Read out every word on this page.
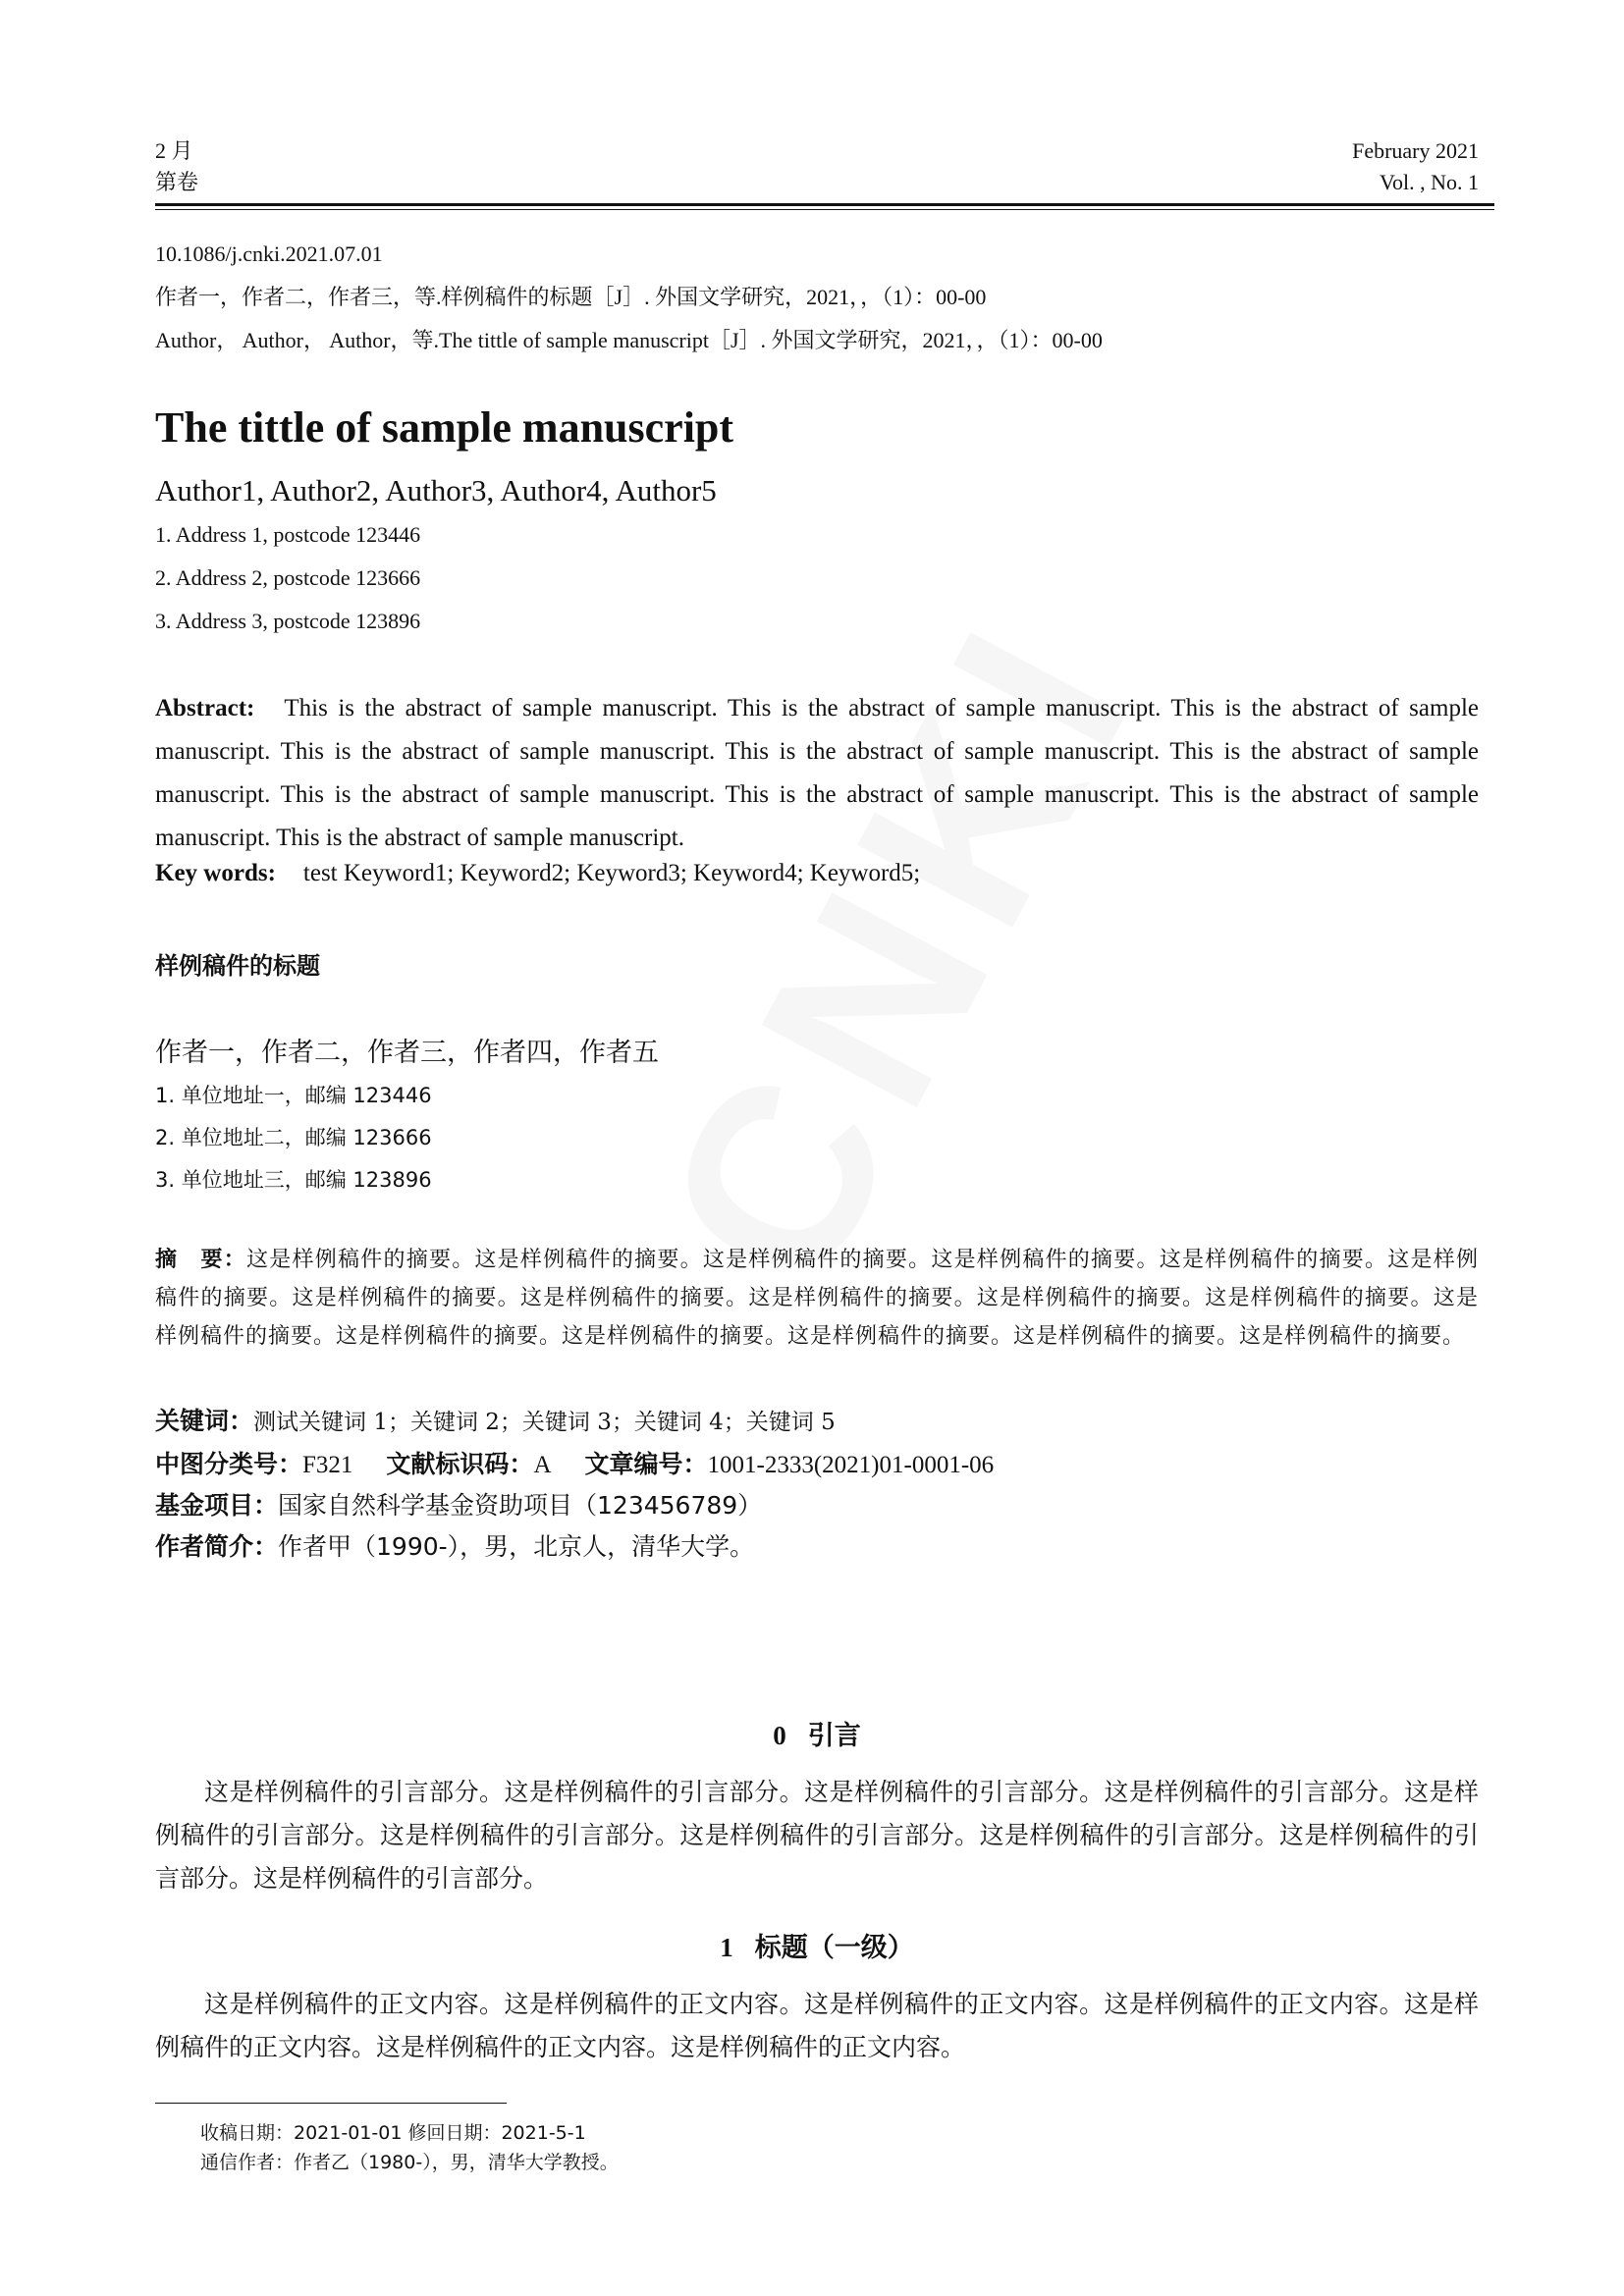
2 月
第卷
February 2021
Vol. , No. 1
10.1086/j.cnki.2021.07.01
作者一，作者二，作者三，等.样例稿件的标题［J］. 外国文学研究，2021，，（1）：00-00
Author， Author， Author，等.The tittle of sample manuscript［J］. 外国文学研究，2021，，（1）：00-00
The tittle of sample manuscript
Author1, Author2, Author3, Author4, Author5
1. Address 1, postcode 123446
2. Address 2, postcode 123666
3. Address 3, postcode 123896
Abstract: This is the abstract of sample manuscript. This is the abstract of sample manuscript. This is the abstract of sample manuscript. This is the abstract of sample manuscript. This is the abstract of sample manuscript. This is the abstract of sample manuscript. This is the abstract of sample manuscript. This is the abstract of sample manuscript. This is the abstract of sample manuscript. This is the abstract of sample manuscript.
Key words: test Keyword1; Keyword2; Keyword3; Keyword4; Keyword5;
样例稿件的标题
作者一，作者二，作者三，作者四，作者五
1. 单位地址一，邮编 123446
2. 单位地址二，邮编 123666
3. 单位地址三，邮编 123896
摘　要：这是样例稿件的摘要。这是样例稿件的摘要。这是样例稿件的摘要。这是样例稿件的摘要。这是样例稿件的摘要。这是样例稿件的摘要。这是样例稿件的摘要。这是样例稿件的摘要。这是样例稿件的摘要。这是样例稿件的摘要。这是样例稿件的摘要。这是样例稿件的摘要。这是样例稿件的摘要。这是样例稿件的摘要。这是样例稿件的摘要。这是样例稿件的摘要。这是样例稿件的摘要。
关键词：测试关键词 1；关键词 2；关键词 3；关键词 4；关键词 5
中图分类号：F321 文献标识码：A 文章编号：1001-2333(2021)01-0001-06
基金项目：国家自然科学基金资助项目（123456789）
作者简介：作者甲（1990-），男，北京人，清华大学。
0 引言
这是样例稿件的引言部分。这是样例稿件的引言部分。这是样例稿件的引言部分。这是样例稿件的引言部分。这是样例稿件的引言部分。这是样例稿件的引言部分。这是样例稿件的引言部分。这是样例稿件的引言部分。这是样例稿件的引言部分。这是样例稿件的引言部分。
1 标题（一级）
这是样例稿件的正文内容。这是样例稿件的正文内容。这是样例稿件的正文内容。这是样例稿件的正文内容。这是样例稿件的正文内容。这是样例稿件的正文内容。这是样例稿件的正文内容。
收稿日期：2021-01-01 修回日期：2021-5-1
通信作者：作者乙（1980-），男，清华大学教授。
